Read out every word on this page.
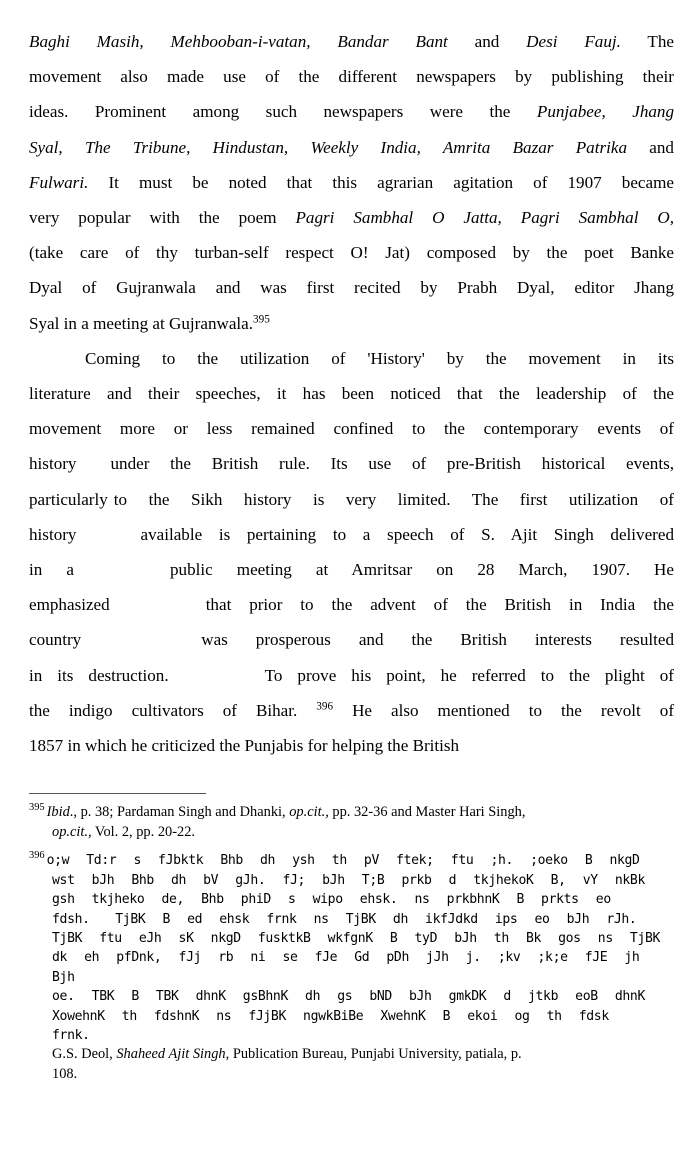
Baghi Masih, Mehbooban-i-vatan, Bandar Bant and Desi Fauj. The
movement also made use of the different newspapers by publishing their
ideas. Prominent among such newspapers were the Punjabee, Jhang
Syal, The Tribune, Hindustan, Weekly India, Amrita Bazar Patrika and
Fulwari. It must be noted that this agrarian agitation of 1907 became
very popular with the poem Pagri Sambhal O Jatta, Pagri Sambhal O,
(take care of thy turban-self respect O! Jat) composed by the poet Banke
Dyal of Gujranwala and was first recited by Prabh Dyal, editor Jhang
Syal in a meeting at Gujranwala.$^{395}$
Coming to the utilization of 'History' by the movement in its
literature and their speeches, it has been noticed that the leadership of the
movement more or less remained confined to the contemporary events of
history under the British rule. Its use of pre-British historical events,
particularly to the Sikh history is very limited. The first utilization of
history	available is pertaining to a speech of S. Ajit Singh delivered
in a	public meeting at Amritsar on 28 March, 1907. He
emphasized	that prior to the advent of the British in India the
country	was prosperous and the British interests resulted
in its destruction.	To prove his point, he referred to the plight of
the indigo cultivators of Bihar. $^{396}$ He also mentioned to the revolt of
1857 in which he criticized the Punjabis for helping the British
$^{395}$ Ibid., p. 38; Pardaman Singh and Dhanki, op.cit., pp. 32-36 and Master Hari Singh,
op.cit., Vol. 2, pp. 20-22.
$^{396}$ o;w  Td:r  s  fJbktk  Bhb  dh  ysh  th  pV  ftek;  ftu  ;h.  ;oeko  B  nkgD
wst  bJh  Bhb  dh  bV  gJh.  fJ;  bJh  T;B  prkb  d  tkjhekoK  B,  vY  nkBk
gsh  tkjheko  de,  Bhb  phiD  s  wipo  ehsk.  ns  prkbhnK  B  prkts  eo
fdsh.   TjBK  B  ed  ehsk  frnk  ns  TjBK  dh  ikfJdkd  ips  eo  bJh  rJh.
TjBK  ftu  eJh  sK  nkgD  fusktkB  wkfgnK  B  tyD  bJh  th  Bk  gos  ns  TjBK
dk  eh  pfDnk,  fJj  rb  ni  se  fJe  Gd  pDh  jJh  j.  ;kv  ;k;e  fJE  jh  Bjh
oe.  TBK  B  TBK  dhnK  gsBhnK  dh  gs  bND  bJh  gmkDK  d  jtkb  eoB  dhnK
XowehnK  th  fdshnK  ns  fJjBK  ngwkBiBe  XwehnK  B  ekoi  og  th  fdsk
frnk.
G.S. Deol, Shaheed Ajit Singh, Publication Bureau, Punjabi University, patiala, p.
108.
